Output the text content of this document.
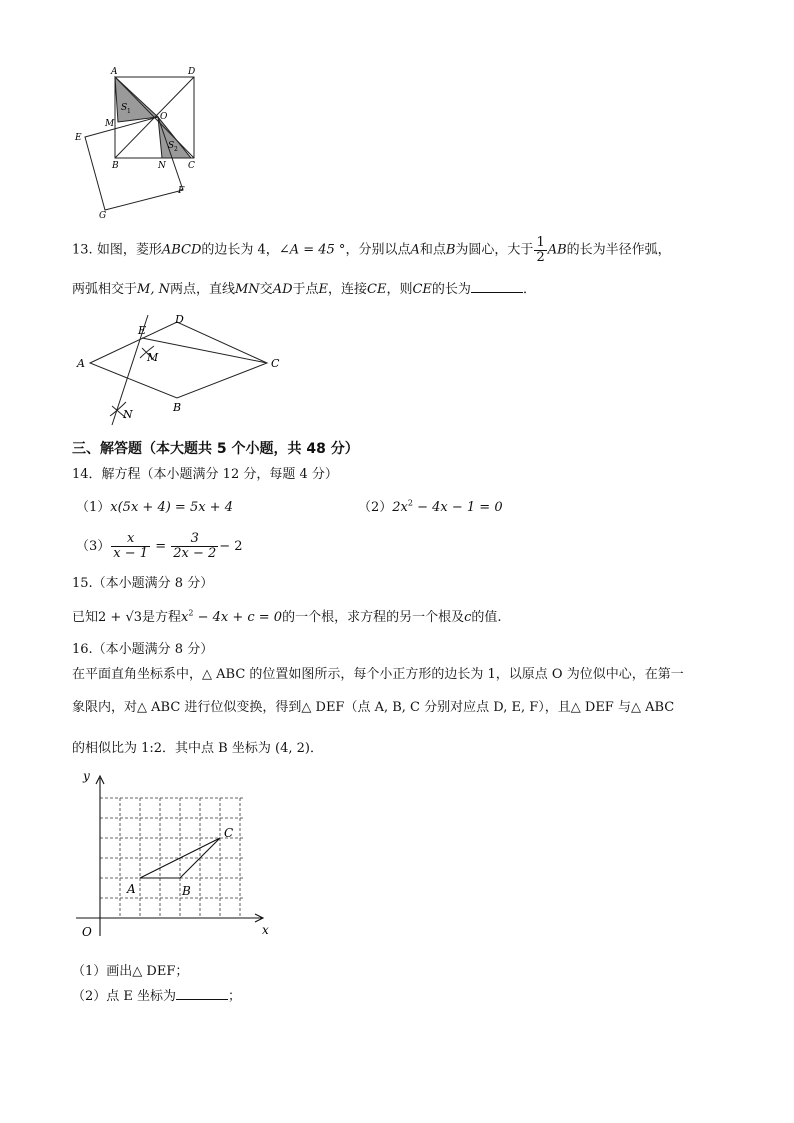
A	D
S 1
M
O
E
B	N
S 2
C
F
G
13. 如图，菱形ABCD的边长为 4，∠A = 45 °，分别以点A和点B为圆心，大于 $\frac{1}{2}$ AB的长为半径作弧，
两弧相交于M, N两点，直线MN交AD于点E，连接CE，则CE的长为	．
E
D
M
A	C
N
B
三、解答题（本大题共 5 个小题，共 48 分）
14．解方程（本小题满分 12 分，每题 4 分）
（1）x(5x + 4) = 5x + 4	$(2)2x^2 - 4x - 1 = 0$
$(3) \frac{x}{x - 1} = \frac{3}{2x - 2} - 2$
15.（本小题满分 8 分）
已知2 + √3是方程$x^2 - 4x + c = 0$的一个根，求方程的另一个根及c的值.
16.（本小题满分 8 分）
在平面直角坐标系中，△ ABC 的位置如图所示，每个小正方形的边长为 1，以原点 O 为位似中心，在第一
象限内，对△ ABC 进行位似变换，得到△ DEF（点 A, B, C 分别对应点 D, E, F），且△ DEF 与△ ABC
的相似比为 1:2．其中点 B 坐标为 (4, 2)．
y
x
O
A	B
C
（1）画出△ DEF；
（2）点 E 坐标为	；
